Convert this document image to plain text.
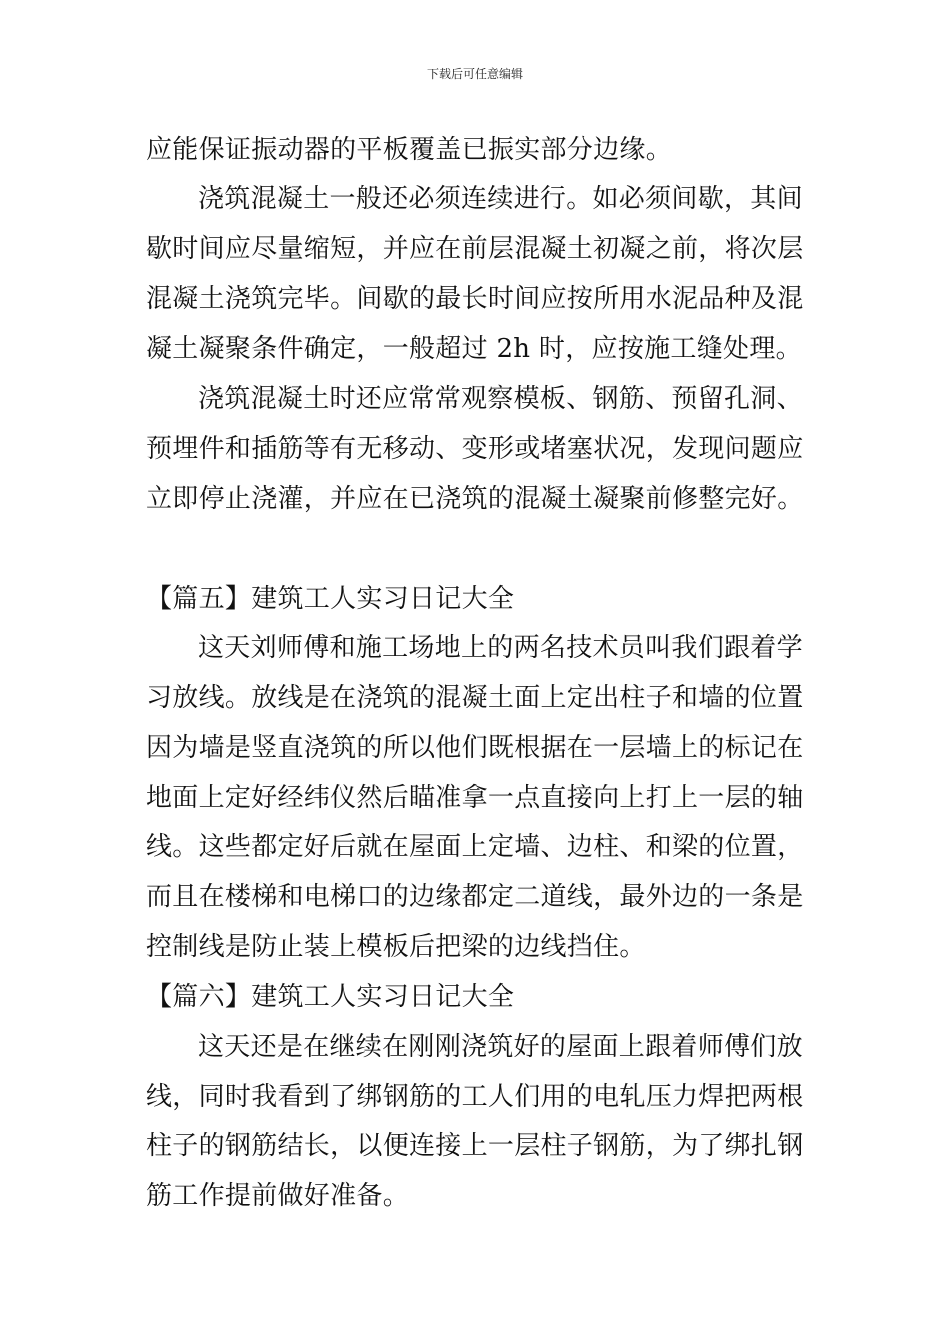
下载后可任意编辑
应能保证振动器的平板覆盖已振实部分边缘。
浇筑混凝土一般还必须连续进行。如必须间歇，其间
歇时间应尽量缩短，并应在前层混凝土初凝之前，将次层
混凝土浇筑完毕。间歇的最长时间应按所用水泥品种及混
凝土凝聚条件确定，一般超过 2h 时，应按施工缝处理。
浇筑混凝土时还应常常观察模板、钢筋、预留孔洞、
预埋件和插筋等有无移动、变形或堵塞状况，发现问题应
立即停止浇灌，并应在已浇筑的混凝土凝聚前修整完好。
【篇五】建筑工人实习日记大全
这天刘师傅和施工场地上的两名技术员叫我们跟着学
习放线。放线是在浇筑的混凝土面上定出柱子和墙的位置
因为墙是竖直浇筑的所以他们既根据在一层墙上的标记在
地面上定好经纬仪然后瞄准拿一点直接向上打上一层的轴
线。这些都定好后就在屋面上定墙、边柱、和梁的位置，
而且在楼梯和电梯口的边缘都定二道线，最外边的一条是
控制线是防止装上模板后把梁的边线挡住。
【篇六】建筑工人实习日记大全
这天还是在继续在刚刚浇筑好的屋面上跟着师傅们放
线，同时我看到了绑钢筋的工人们用的电轧压力焊把两根
柱子的钢筋结长，以便连接上一层柱子钢筋，为了绑扎钢
筋工作提前做好准备。
